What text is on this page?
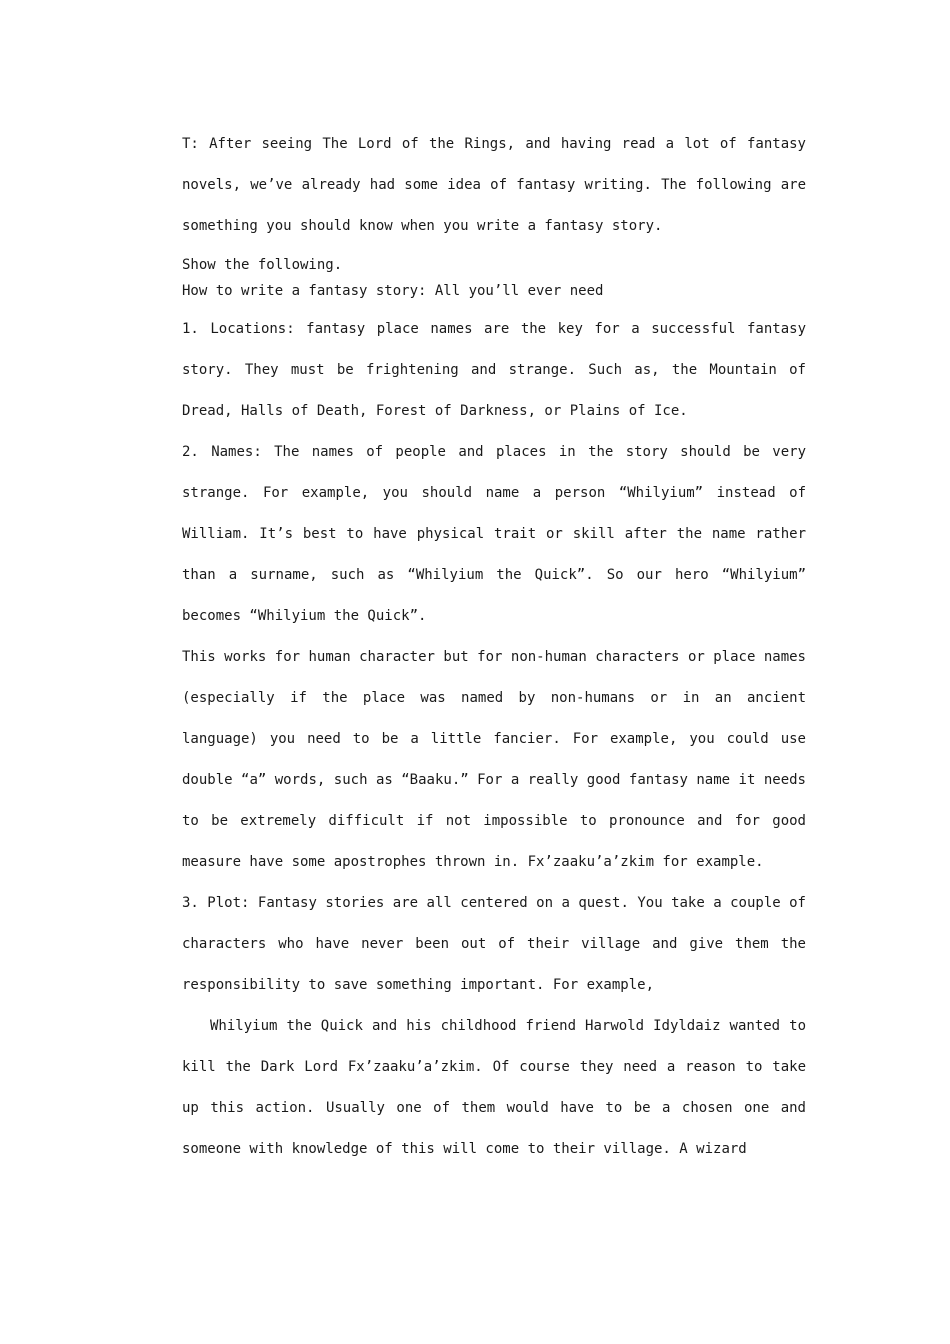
T: After seeing The Lord of the Rings, and having read a lot of fantasy novels, we’ve already had some idea of fantasy writing. The following are something you should know when you write a fantasy story.

Show the following.

How to write a fantasy story: All you’ll ever need

1. Locations: fantasy place names are the key for a successful fantasy story. They must be frightening and strange. Such as, the Mountain of Dread, Halls of Death, Forest of Darkness, or Plains of Ice.

2. Names: The names of people and places in the story should be very strange. For example, you should name a person “Whilyium” instead of William. It’s best to have physical trait or skill after the name rather than a surname, such as “Whilyium the Quick”. So our hero “Whilyium” becomes “Whilyium the Quick”.

This works for human character but for non-human characters or place names (especially if the place was named by non-humans or in an ancient language) you need to be a little fancier. For example, you could use double “a” words, such as “Baaku.” For a really good fantasy name it needs to be extremely difficult if not impossible to pronounce and for good measure have some apostrophes thrown in. Fx’zaaku’a’zkim for example.

3. Plot: Fantasy stories are all centered on a quest. You take a couple of characters who have never been out of their village and give them the responsibility to save something important. For example,

Whilyium the Quick and his childhood friend Harwold Idyldaiz wanted to kill the Dark Lord Fx’zaaku’a’zkim. Of course they need a reason to take up this action. Usually one of them would have to be a chosen one and someone with knowledge of this will come to their village. A wizard
